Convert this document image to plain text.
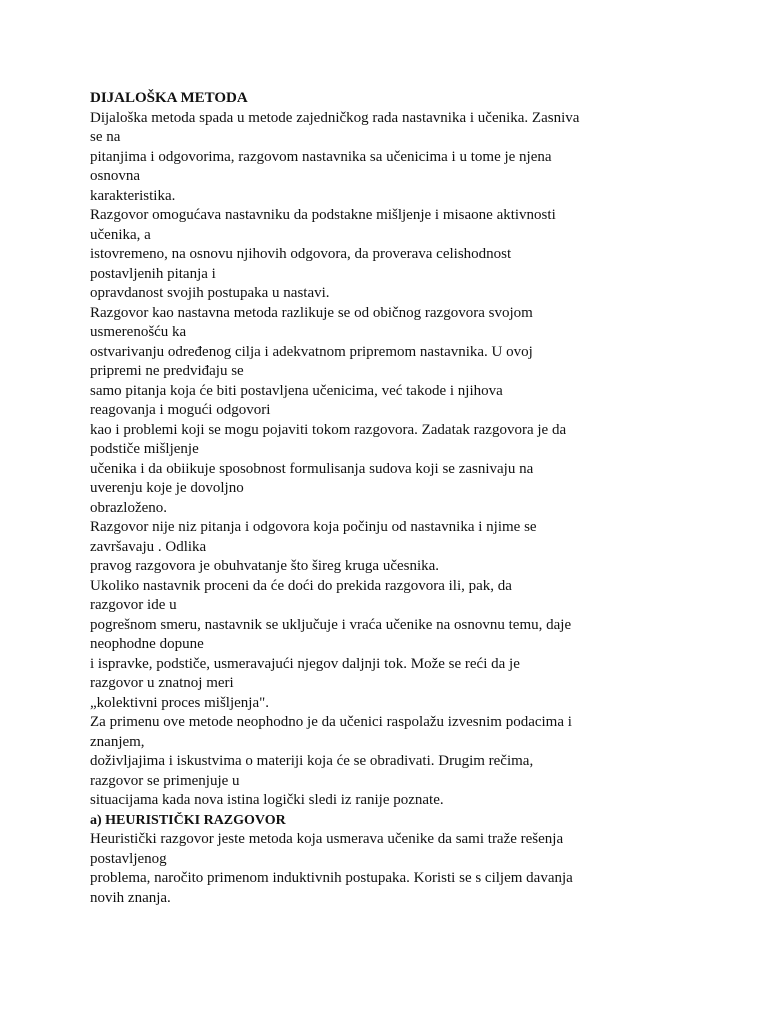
DIJALOŠKA METODA
Dijaloška metoda spada u metode zajedničkog rada nastavnika i učenika. Zasniva
se na
pitanjima i odgovorima, razgovom nastavnika sa učenicima i u tome je njena
osnovna
karakteristika.
Razgovor omogućava nastavniku da podstakne mišljenje i misaone aktivnosti
učenika, a
istovremeno, na osnovu njihovih odgovora, da proverava celishodnost
postavljenih pitanja i
opravdanost svojih postupaka u nastavi.
Razgovor kao nastavna metoda razlikuje se od običnog razgovora svojom
usmerenošću ka
ostvarivanju određenog cilja i adekvatnom pripremom nastavnika. U ovoj
pripremi ne predviđaju se
samo pitanja koja će biti postavljena učenicima, već takode i njihova
reagovanja i mogući odgovori
kao i problemi koji se mogu pojaviti tokom razgovora. Zadatak razgovora je da
podstiče mišljenje
učenika i da obiikuje sposobnost formulisanja sudova koji se zasnivaju na
uverenju koje je dovoljno
obrazloženo.
Razgovor nije niz pitanja i odgovora koja počinju od nastavnika i njime se
završavaju . Odlika
pravog razgovora je obuhvatanje što šireg kruga učesnika.
Ukoliko nastavnik proceni da će doći do prekida razgovora ili, pak, da
razgovor ide u
pogrešnom smeru, nastavnik se uključuje i vraća učenike na osnovnu temu, daje
neophodne dopune
i ispravke, podstiče, usmeravajući njegov daljnji tok. Može se reći da je
razgovor u znatnoj meri
„kolektivni proces mišljenja".
Za primenu ove metode neophodno je da učenici raspolažu izvesnim podacima i
znanjem,
doživljajima i iskustvima o materiji koja će se obradivati. Drugim rečima,
razgovor se primenjuje u
situacijama kada nova istina logički sledi iz ranije poznate.
a) HEURISTIČKI RAZGOVOR
Heuristički razgovor jeste metoda koja usmerava učenike da sami traže rešenja
postavljenog
problema, naročito primenom induktivnih postupaka. Koristi se s ciljem davanja
novih znanja.
